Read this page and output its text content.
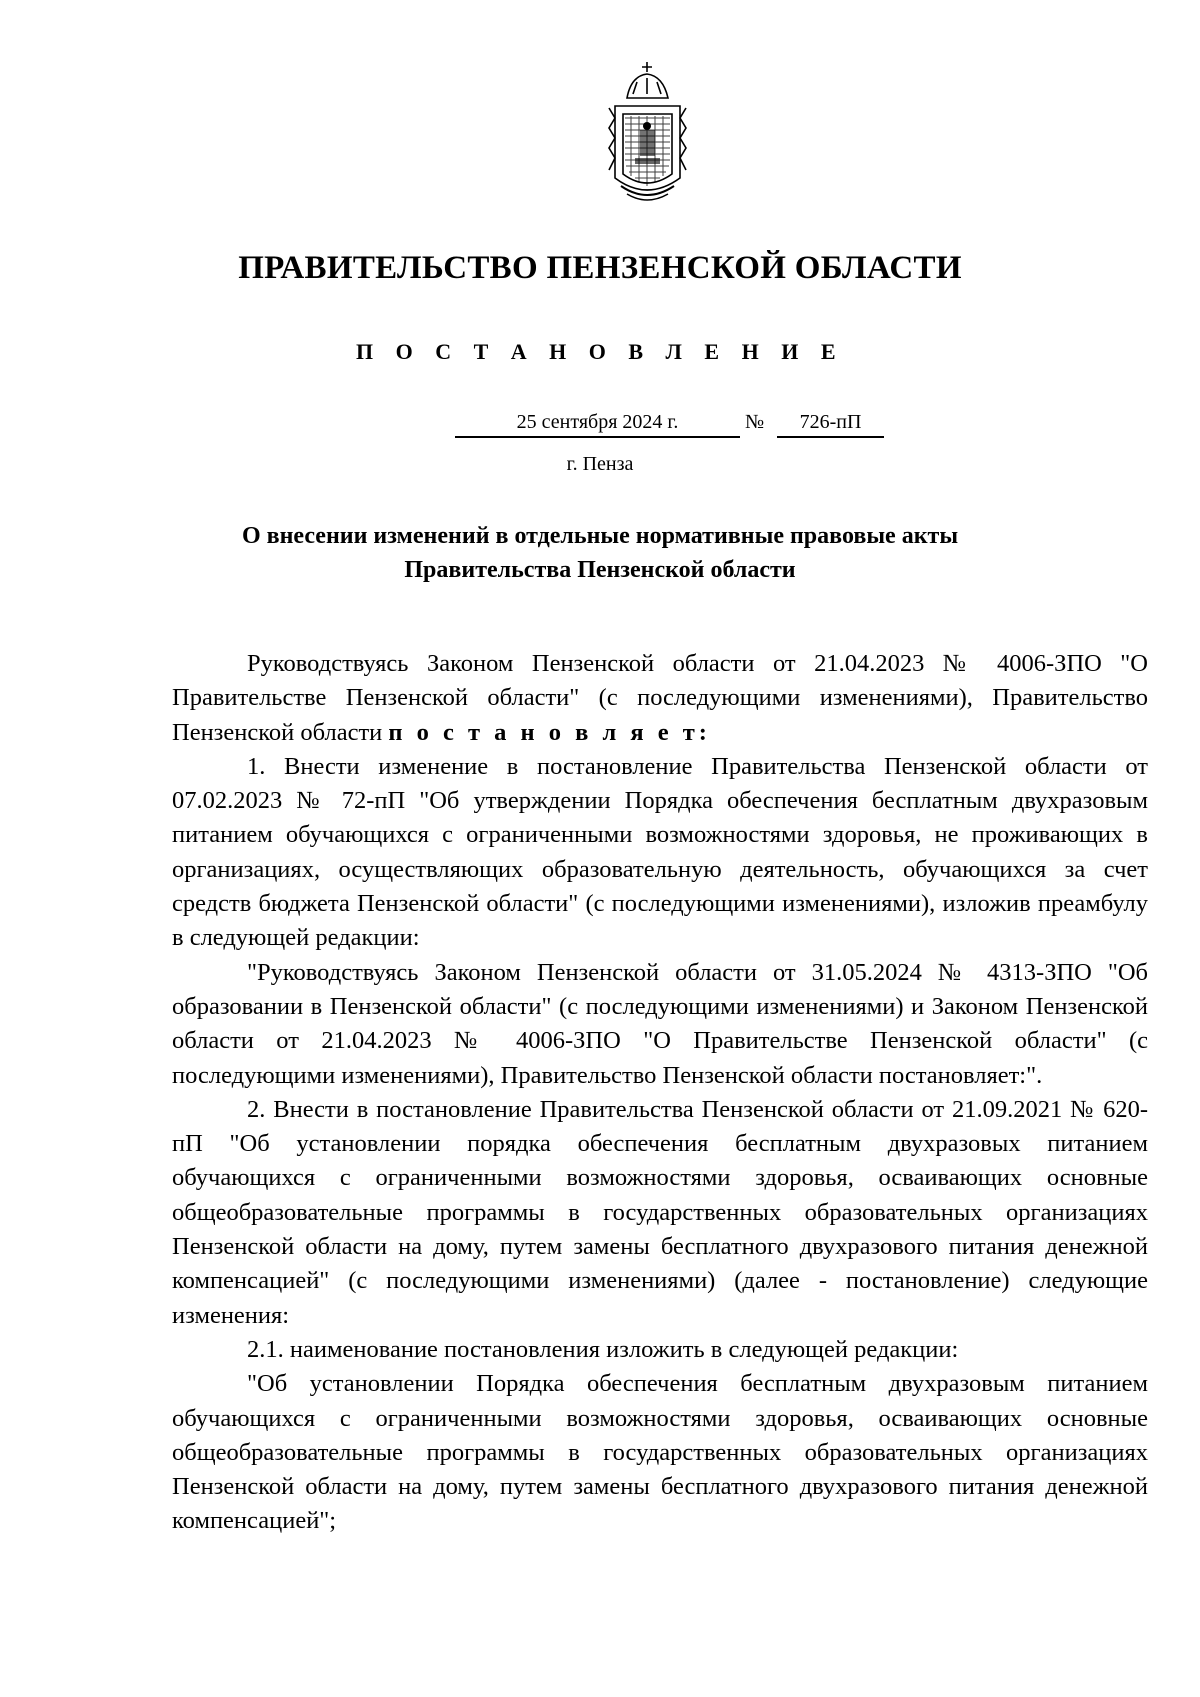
ПРАВИТЕЛЬСТВО ПЕНЗЕНСКОЙ ОБЛАСТИ
П О С Т А Н О В Л Е Н И Е
25 сентября 2024 г.	№	726-пП
г. Пенза
О внесении изменений в отдельные нормативные правовые акты
Правительства Пензенской области

Руководствуясь Законом Пензенской области от 21.04.2023 № 4006-ЗПО "О Правительстве Пензенской области" (с последующими изменениями), Правительство Пензенской области п о с т а н о в л я е т:

1. Внести изменение в постановление Правительства Пензенской области от 07.02.2023 № 72-пП "Об утверждении Порядка обеспечения бесплатным двухразовым питанием обучающихся с ограниченными возможностями здоровья, не проживающих в организациях, осуществляющих образовательную деятельность, обучающихся за счет средств бюджета Пензенской области" (с последующими изменениями), изложив преамбулу в следующей редакции:

"Руководствуясь Законом Пензенской области от 31.05.2024 № 4313-ЗПО "Об образовании в Пензенской области" (с последующими изменениями) и Законом Пензенской области от 21.04.2023 № 4006-ЗПО "О Правительстве Пензенской области" (с последующими изменениями), Правительство Пензенской области постановляет:".

2. Внести в постановление Правительства Пензенской области от 21.09.2021 № 620-пП "Об установлении порядка обеспечения бесплатным двухразовых питанием обучающихся с ограниченными возможностями здоровья, осваивающих основные общеобразовательные программы в государственных образовательных организациях Пензенской области на дому, путем замены бесплатного двухразового питания денежной компенсацией" (с последующими изменениями) (далее - постановление) следующие изменения:

2.1. наименование постановления изложить в следующей редакции:

"Об установлении Порядка обеспечения бесплатным двухразовым питанием обучающихся с ограниченными возможностями здоровья, осваивающих основные общеобразовательные программы в государственных образовательных организациях Пензенской области на дому, путем замены бесплатного двухразового питания денежной компенсацией";
